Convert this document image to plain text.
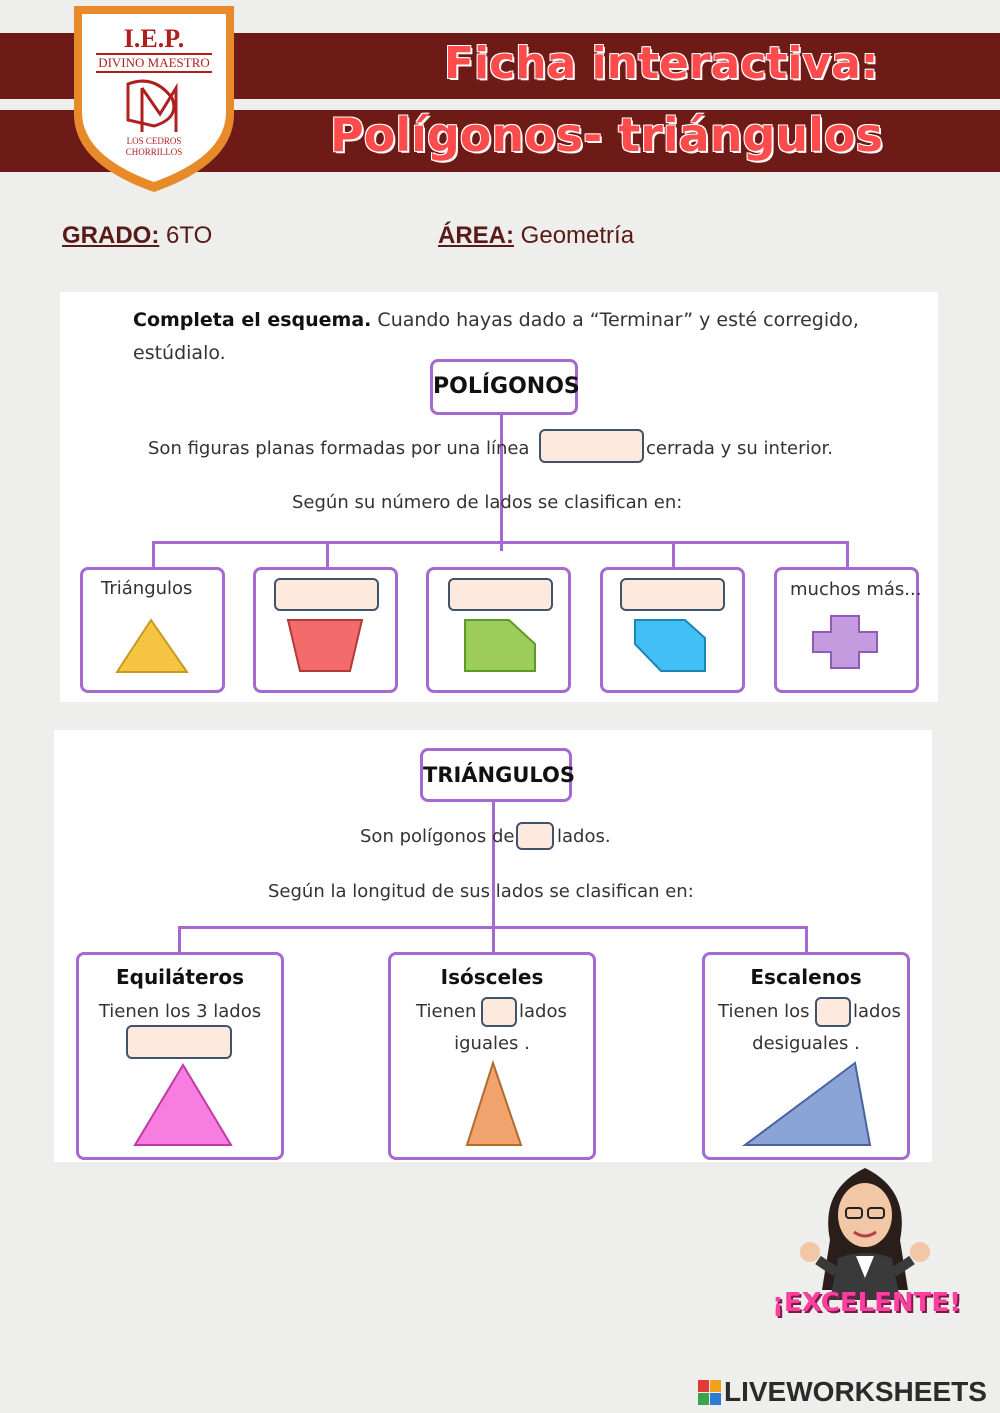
Ficha interactiva:
Polígonos- triángulos
I.E.P.
DIVINO MAESTRO
LOS CEDROS
CHORRILLOS
GRADO: 6TO	ÁREA: Geometría
Completa el esquema. Cuando hayas dado a “Terminar” y esté corregido,
estúdialo.
POLÍGONOS
Son figuras planas formadas por una línea	cerrada y su interior.
Según su número de lados se clasifican en:
Triángulos	muchos más...
TRIÁNGULOS
Son polígonos de lados.
Según la longitud de sus lados se clasifican en:
Equiláteros
Tienen los 3 lados
Isósceles
Tienen lados
iguales .
Escalenos
Tienen los lados
desiguales .
¡EXCELENTE!
LIVEWORKSHEETS
